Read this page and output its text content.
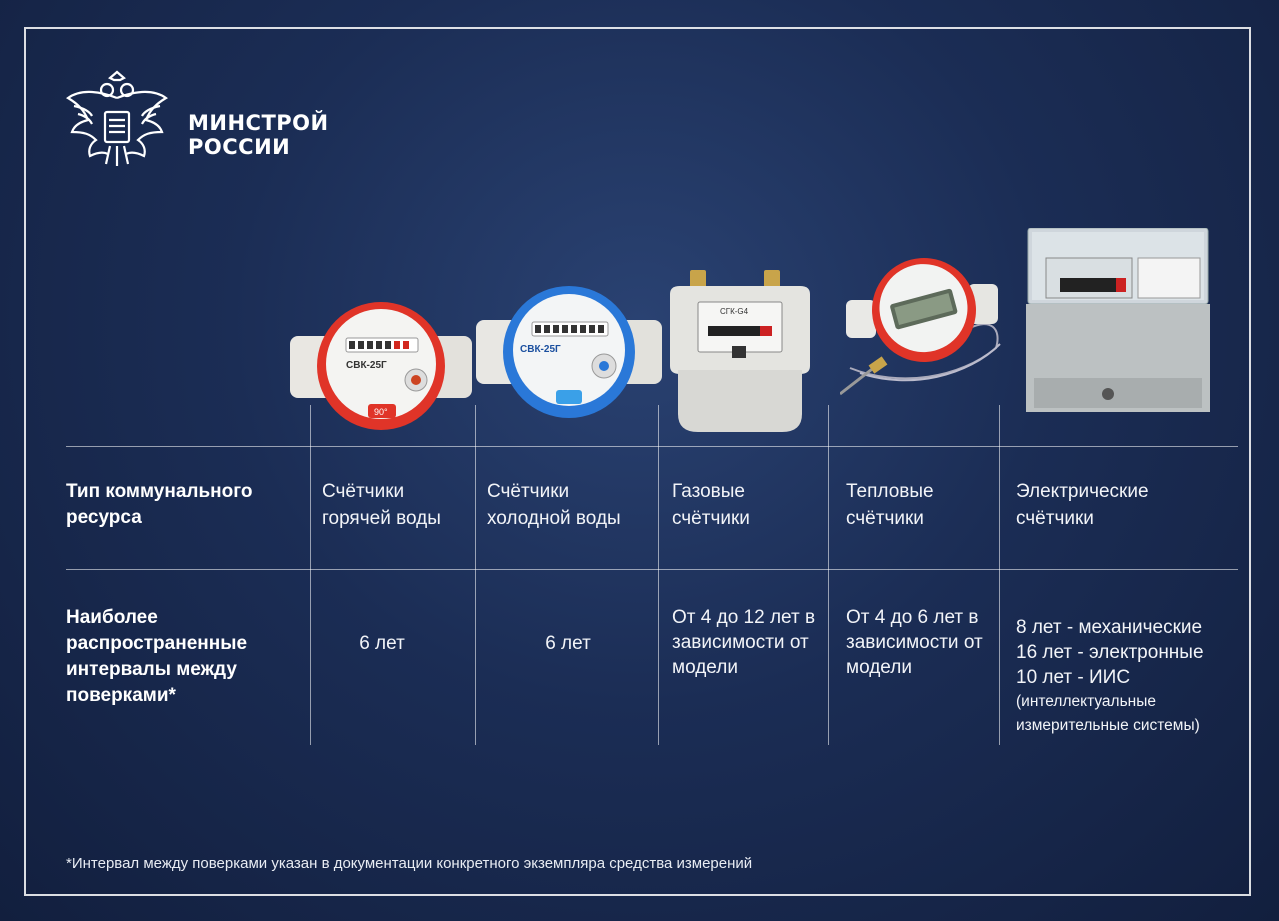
МИНСТРОЙ
РОССИИ
СВК-25Г
90°
СВК-25Г
СГК-G4
Тип коммунального ресурса
Наиболее распространенные интервалы между поверками*
Счётчики горячей воды
Счётчики холодной воды
Газовые счётчики
Тепловые счётчики
Электрические счётчики
6 лет	6 лет
От 4 до 12 лет в зависимости от модели
От 4 до 6 лет в зависимости от модели
8 лет - механические
16 лет - электронные
10 лет - ИИС
(интеллектуальные измерительные системы)
*Интервал между поверками указан в документации конкретного экземпляра средства измерений
